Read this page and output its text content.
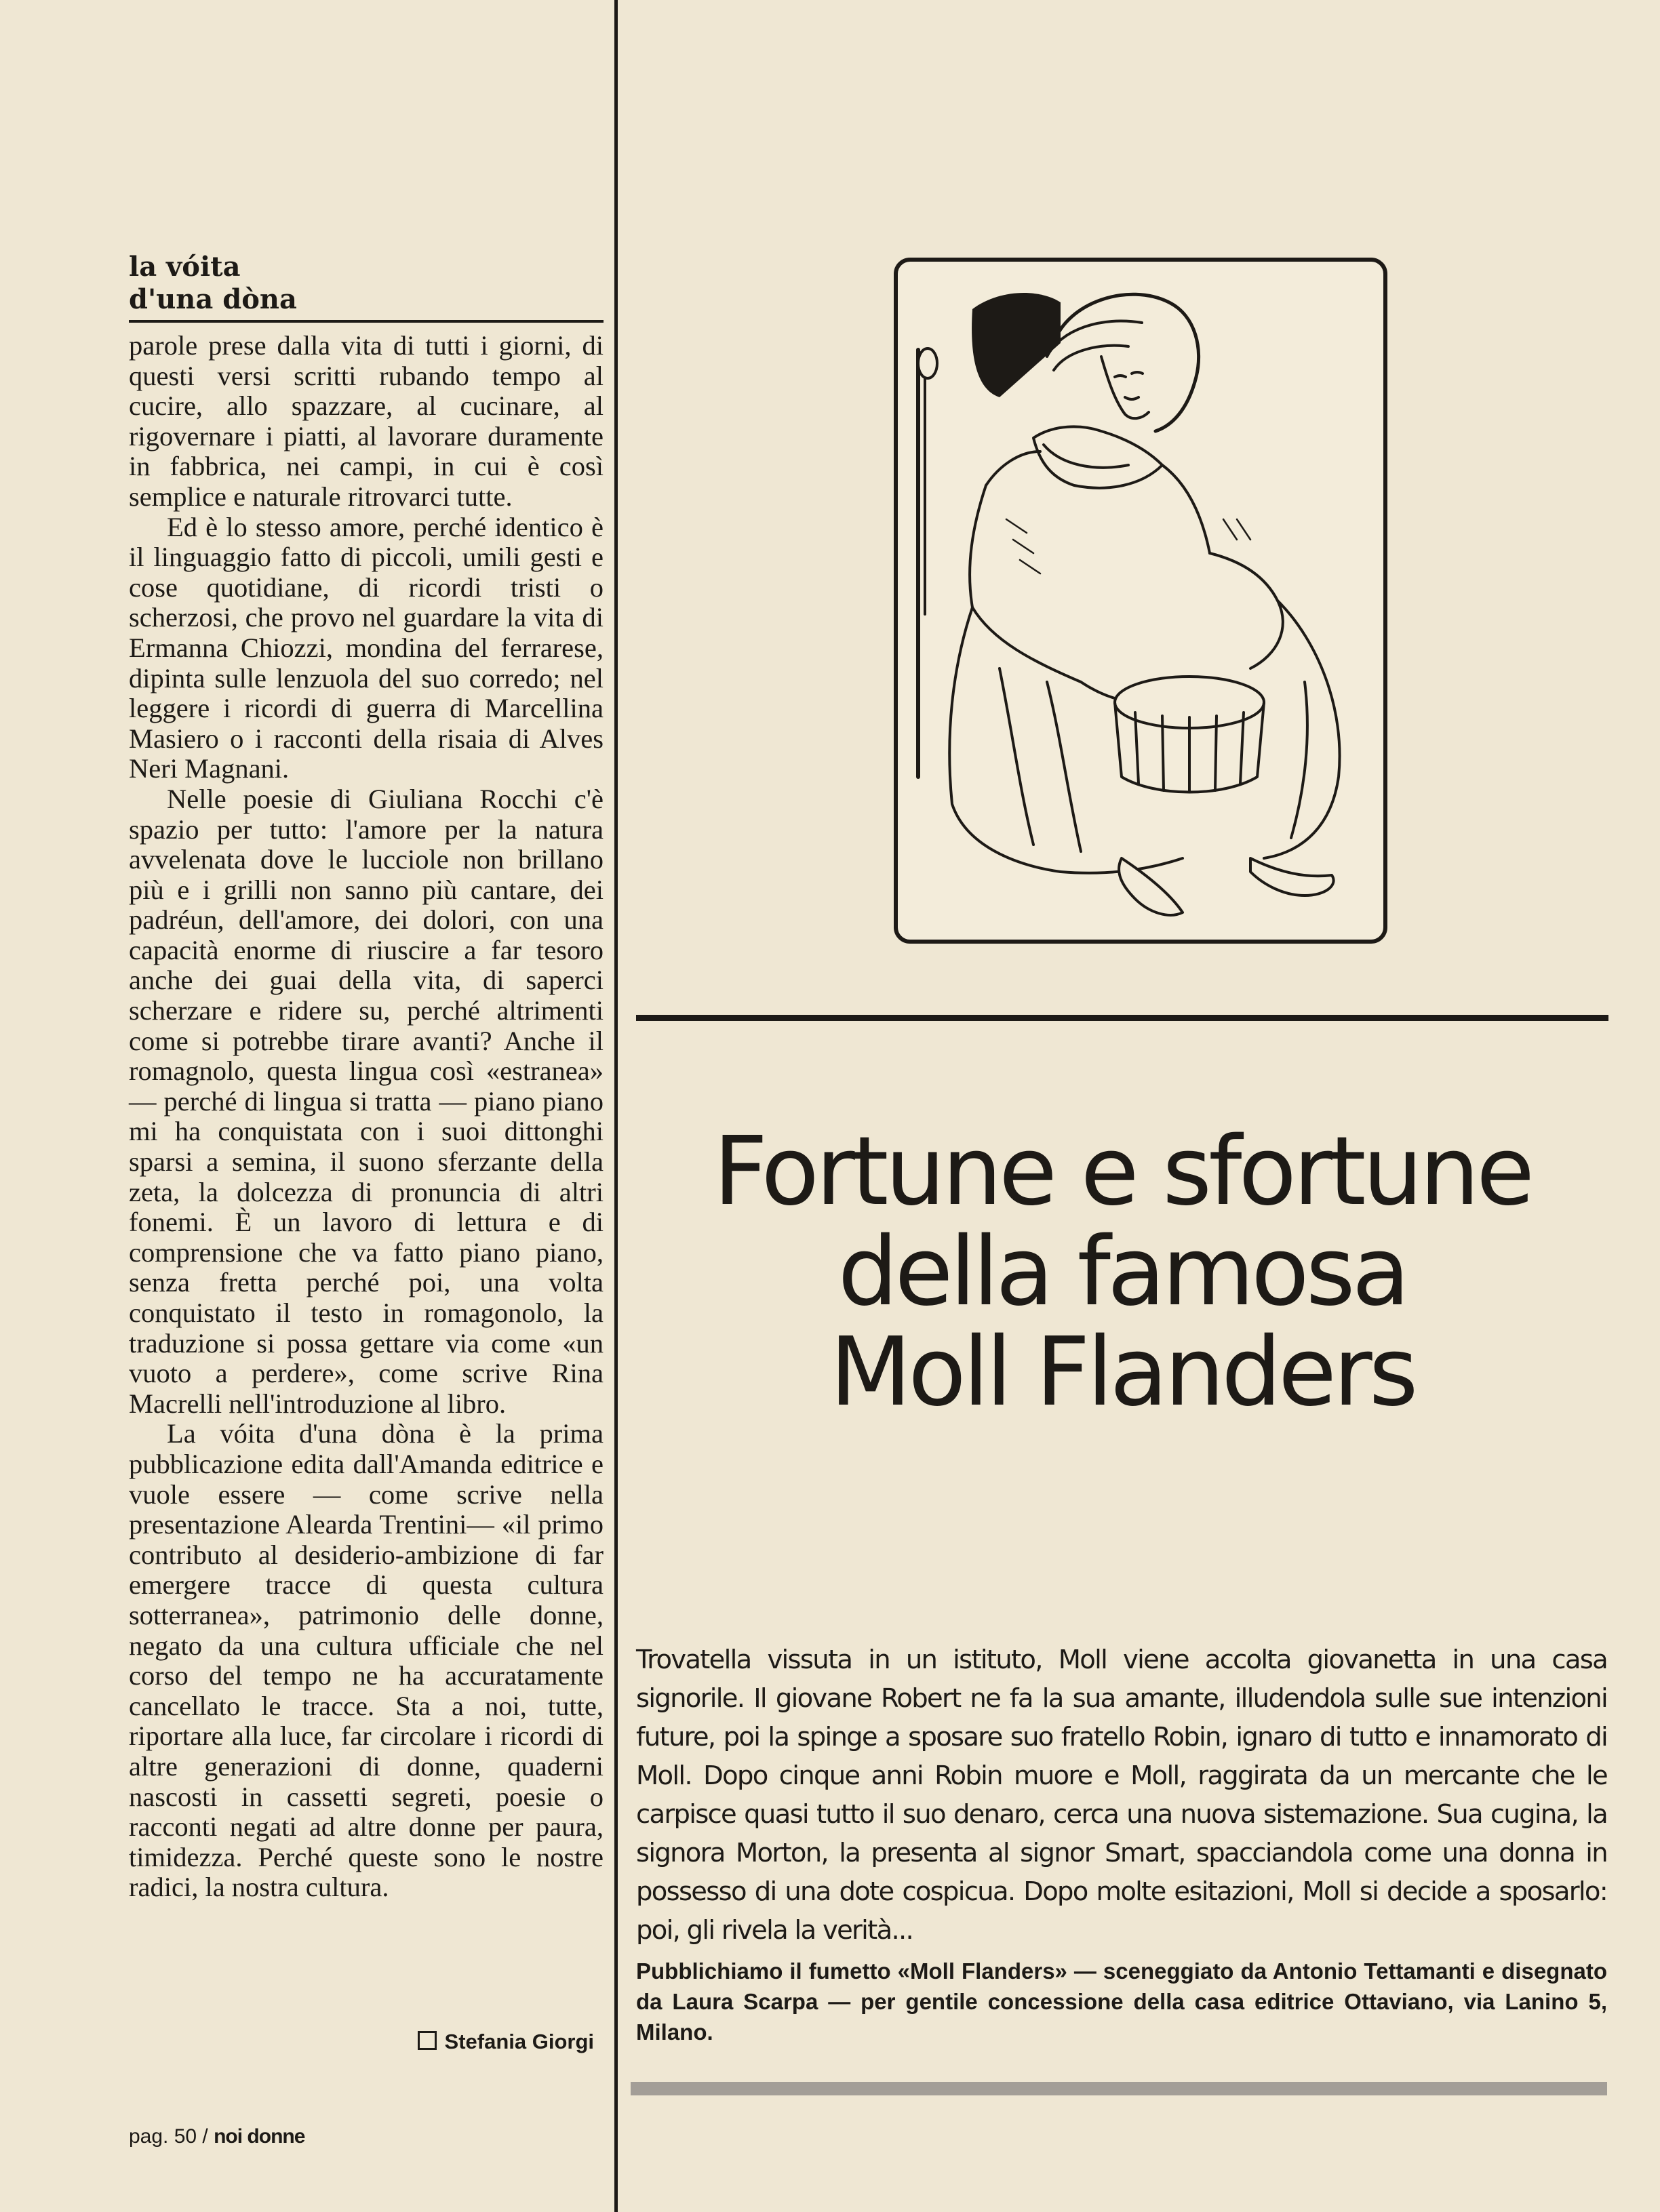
la vóita
d'una dòna

parole prese dalla vita di tutti i giorni, di questi versi scritti rubando tempo al cucire, allo spazzare, al cucinare, al rigovernare i piatti, al lavorare duramente in fabbrica, nei campi, in cui è così semplice e naturale ritrovarci tutte.

Ed è lo stesso amore, perché identico è il linguaggio fatto di piccoli, umili gesti e cose quotidiane, di ricordi tristi o scherzosi, che provo nel guardare la vita di Ermanna Chiozzi, mondina del ferrarese, dipinta sulle lenzuola del suo corredo; nel leggere i ricordi di guerra di Marcellina Masiero o i racconti della risaia di Alves Neri Magnani.

Nelle poesie di Giuliana Rocchi c'è spazio per tutto: l'amore per la natura avvelenata dove le lucciole non brillano più e i grilli non sanno più cantare, dei padréun, dell'amore, dei dolori, con una capacità enorme di riuscire a far tesoro anche dei guai della vita, di saperci scherzare e ridere su, perché altrimenti come si potrebbe tirare avanti? Anche il romagnolo, questa lingua così «estranea» — perché di lingua si tratta — piano piano mi ha conquistata con i suoi dittonghi sparsi a semina, il suono sferzante della zeta, la dolcezza di pronuncia di altri fonemi. È un lavoro di lettura e di comprensione che va fatto piano piano, senza fretta perché poi, una volta conquistato il testo in romagonolo, la traduzione si possa gettare via come «un vuoto a perdere», come scrive Rina Macrelli nell'introduzione al libro.

La vóita d'una dòna è la prima pubblicazione edita dall'Amanda editrice e vuole essere — come scrive nella presentazione Alearda Trentini— «il primo contributo al desiderio-ambizione di far emergere tracce di questa cultura sotterranea», patrimonio delle donne, negato da una cultura ufficiale che nel corso del tempo ne ha accuratamente cancellato le tracce. Sta a noi, tutte, riportare alla luce, far circolare i ricordi di altre generazioni di donne, quaderni nascosti in cassetti segreti, poesie o racconti negati ad altre donne per paura, timidezza. Perché queste sono le nostre radici, la nostra cultura.

Stefania Giorgi
pag. 50 / noi donne
Fortune e sfortune
della famosa
Moll Flanders

Trovatella vissuta in un istituto, Moll viene accolta giovanetta in una casa signorile. Il giovane Robert ne fa la sua amante, illudendola sulle sue intenzioni future, poi la spinge a sposare suo fratello Robin, ignaro di tutto e innamorato di Moll. Dopo cinque anni Robin muore e Moll, raggirata da un mercante che le carpisce quasi tutto il suo denaro, cerca una nuova sistemazione. Sua cugina, la signora Morton, la presenta al signor Smart, spacciandola come una donna in possesso di una dote cospicua. Dopo molte esitazioni, Moll si decide a sposarlo: poi, gli rivela la verità...

Pubblichiamo il fumetto «Moll Flanders» — sceneggiato da Antonio Tettamanti e disegnato da Laura Scarpa — per gentile concessione della casa editrice Ottaviano, via Lanino 5, Milano.
